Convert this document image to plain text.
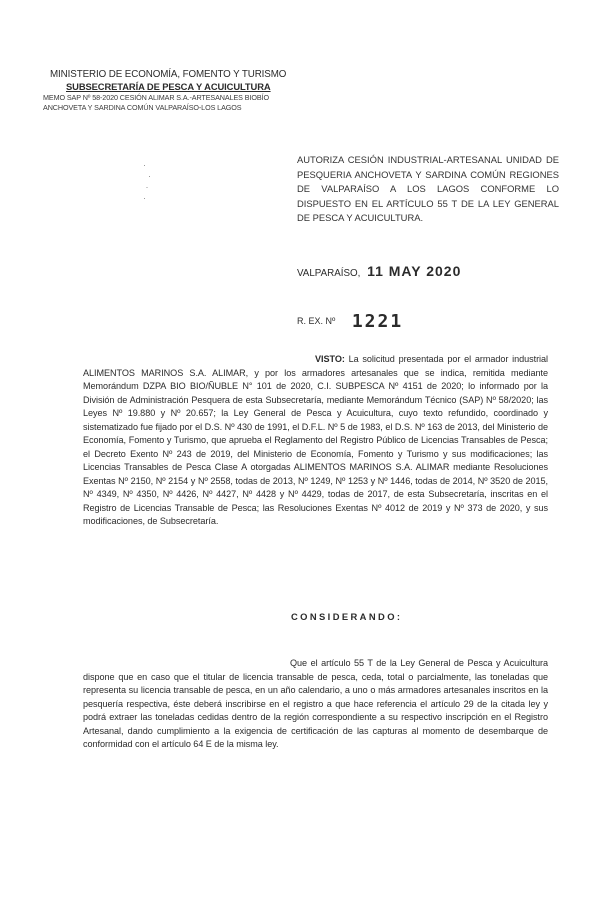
MINISTERIO DE ECONOMÍA, FOMENTO Y TURISMO
SUBSECRETARÍA DE PESCA Y ACUICULTURA
MEMO SAP Nº 58-2020 CESIÓN ALIMAR S.A.-ARTESANALES BIOBÍO
ANCHOVETA Y SARDINA COMÚN VALPARAÍSO-LOS LAGOS
·
·
·
·
AUTORIZA CESIÓN INDUSTRIAL-ARTESANAL UNIDAD DE PESQUERIA ANCHOVETA Y SARDINA COMÚN REGIONES DE VALPARAÍSO A LOS LAGOS CONFORME LO DISPUESTO EN EL ARTÍCULO 55 T DE LA LEY GENERAL DE PESCA Y ACUICULTURA.
VALPARAÍSO, 11 MAY 2020
R. EX. Nº 1221

VISTO: La solicitud presentada por el armador industrial ALIMENTOS MARINOS S.A. ALIMAR, y por los armadores artesanales que se indica, remitida mediante Memorándum DZPA BIO BIO/ÑUBLE N° 101 de 2020, C.I. SUBPESCA Nº 4151 de 2020; lo informado por la División de Administración Pesquera de esta Subsecretaría, mediante Memorándum Técnico (SAP) Nº 58/2020; las Leyes Nº 19.880 y Nº 20.657; la Ley General de Pesca y Acuicultura, cuyo texto refundido, coordinado y sistematizado fue fijado por el D.S. Nº 430 de 1991, el D.F.L. Nº 5 de 1983, el D.S. Nº 163 de 2013, del Ministerio de Economía, Fomento y Turismo, que aprueba el Reglamento del Registro Público de Licencias Transables de Pesca; el Decreto Exento Nº 243 de 2019, del Ministerio de Economía, Fomento y Turismo y sus modificaciones; las Licencias Transables de Pesca Clase A otorgadas ALIMENTOS MARINOS S.A. ALIMAR mediante Resoluciones Exentas Nº 2150, Nº 2154 y Nº 2558, todas de 2013, Nº 1249, Nº 1253 y Nº 1446, todas de 2014, Nº 3520 de 2015, Nº 4349, Nº 4350, Nº 4426, Nº 4427, Nº 4428 y Nº 4429, todas de 2017, de esta Subsecretaría, inscritas en el Registro de Licencias Transable de Pesca; las Resoluciones Exentas Nº 4012 de 2019 y Nº 373 de 2020, y sus modificaciones, de Subsecretaría.

CONSIDERANDO:

Que el artículo 55 T de la Ley General de Pesca y Acuicultura dispone que en caso que el titular de licencia transable de pesca, ceda, total o parcialmente, las toneladas que representa su licencia transable de pesca, en un año calendario, a uno o más armadores artesanales inscritos en la pesquería respectiva, éste deberá inscribirse en el registro a que hace referencia el artículo 29 de la citada ley y podrá extraer las toneladas cedidas dentro de la región correspondiente a su respectivo inscripción en el Registro Artesanal, dando cumplimiento a la exigencia de certificación de las capturas al momento de desembarque de conformidad con el artículo 64 E de la misma ley.
